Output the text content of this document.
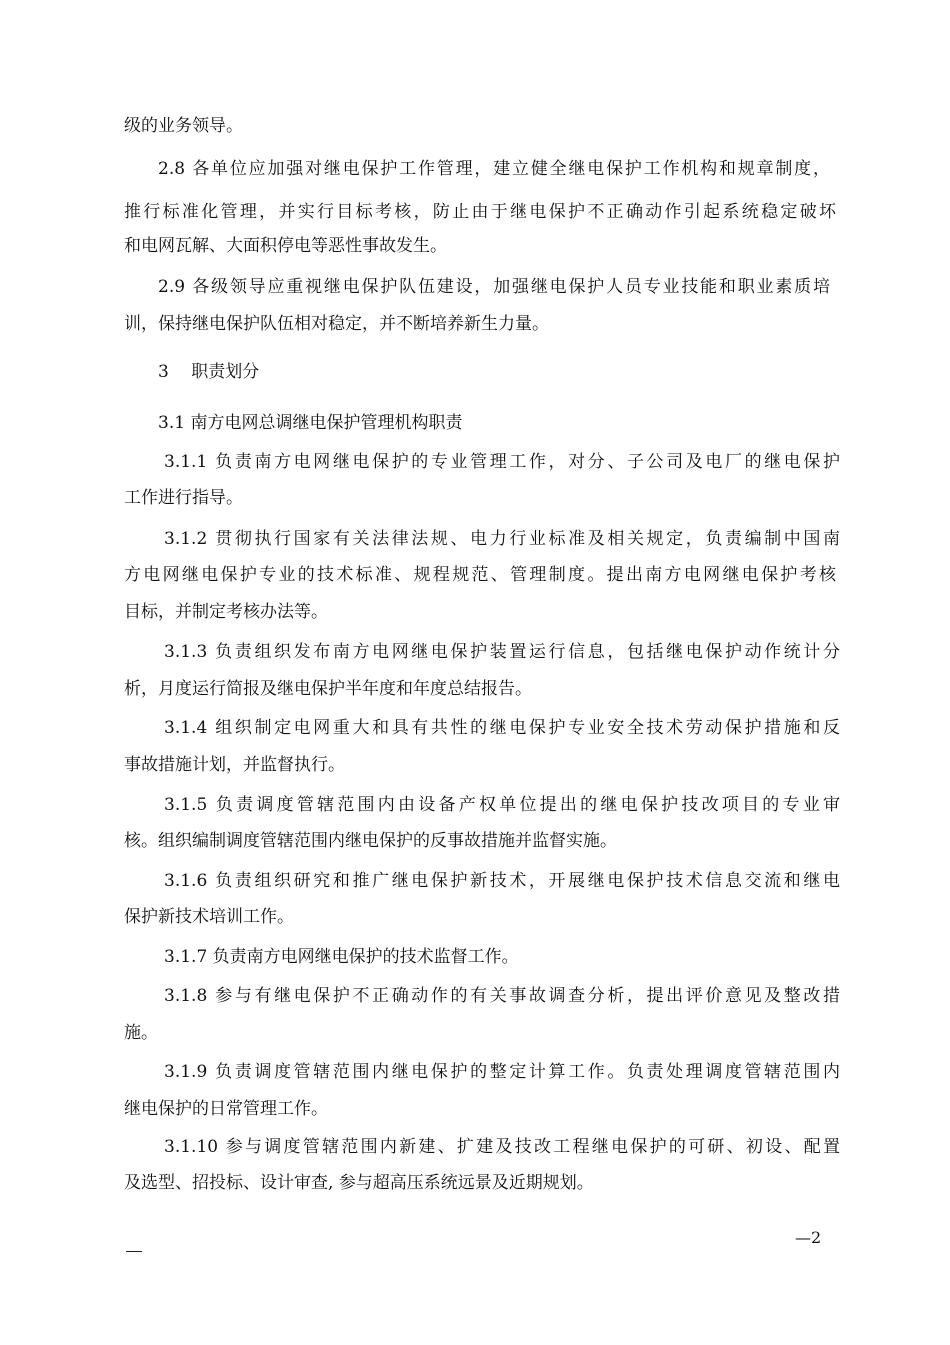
级的业务领导。
2.8 各单位应加强对继电保护工作管理，建立健全继电保护工作机构和规章制度，
推行标准化管理，并实行目标考核，防止由于继电保护不正确动作引起系统稳定破坏
和电网瓦解、大面积停电等恶性事故发生。
2.9 各级领导应重视继电保护队伍建设，加强继电保护人员专业技能和职业素质培
训，保持继电保护队伍相对稳定，并不断培养新生力量。
3　 职责划分
3.1 南方电网总调继电保护管理机构职责
3.1.1 负责南方电网继电保护的专业管理工作，对分、子公司及电厂的继电保护
工作进行指导。
3.1.2 贯彻执行国家有关法律法规、电力行业标准及相关规定，负责编制中国南
方电网继电保护专业的技术标准、规程规范、管理制度。提出南方电网继电保护考核
目标，并制定考核办法等。
3.1.3 负责组织发布南方电网继电保护装置运行信息，包括继电保护动作统计分
析，月度运行简报及继电保护半年度和年度总结报告。
3.1.4 组织制定电网重大和具有共性的继电保护专业安全技术劳动保护措施和反
事故措施计划，并监督执行。
3.1.5 负责调度管辖范围内由设备产权单位提出的继电保护技改项目的专业审
核。组织编制调度管辖范围内继电保护的反事故措施并监督实施。
3.1.6 负责组织研究和推广继电保护新技术，开展继电保护技术信息交流和继电
保护新技术培训工作。
3.1.7 负责南方电网继电保护的技术监督工作。
3.1.8 参与有继电保护不正确动作的有关事故调查分析，提出评价意见及整改措
施。
3.1.9 负责调度管辖范围内继电保护的整定计算工作。负责处理调度管辖范围内
继电保护的日常管理工作。
3.1.10 参与调度管辖范围内新建、扩建及技改工程继电保护的可研、初设、配置
及选型、招投标、设计审查, 参与超高压系统远景及近期规划。
—2
